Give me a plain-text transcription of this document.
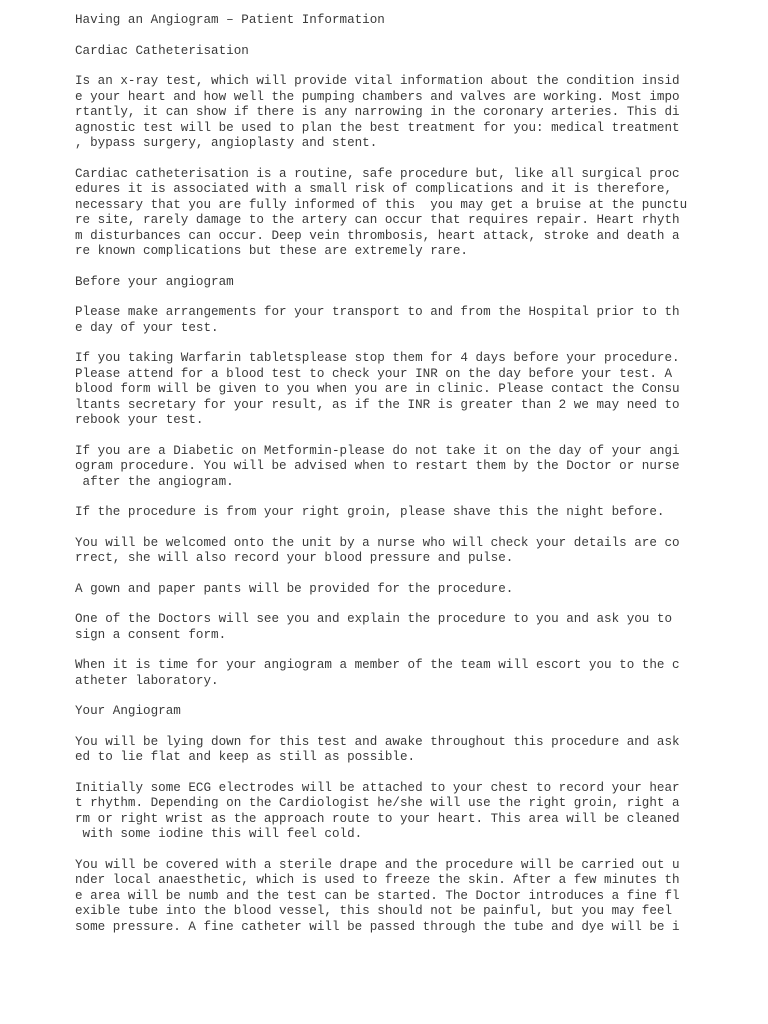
Having an Angiogram – Patient Information
Cardiac Catheterisation
Is an x-ray test, which will provide vital information about the condition insid
e your heart and how well the pumping chambers and valves are working. Most impo
rtantly, it can show if there is any narrowing in the coronary arteries. This di
agnostic test will be used to plan the best treatment for you: medical treatment
, bypass surgery, angioplasty and stent.
Cardiac catheterisation is a routine, safe procedure but, like all surgical proc
edures it is associated with a small risk of complications and it is therefore,
necessary that you are fully informed of this  you may get a bruise at the punctu
re site, rarely damage to the artery can occur that requires repair. Heart rhyth
m disturbances can occur. Deep vein thrombosis, heart attack, stroke and death a
re known complications but these are extremely rare.
Before your angiogram
Please make arrangements for your transport to and from the Hospital prior to th
e day of your test.
If you taking Warfarin tabletsplease stop them for 4 days before your procedure.
Please attend for a blood test to check your INR on the day before your test. A
blood form will be given to you when you are in clinic. Please contact the Consu
ltants secretary for your result, as if the INR is greater than 2 we may need to
rebook your test.
If you are a Diabetic on Metformin-please do not take it on the day of your angi
ogram procedure. You will be advised when to restart them by the Doctor or nurse
after the angiogram.
If the procedure is from your right groin, please shave this the night before.
You will be welcomed onto the unit by a nurse who will check your details are co
rrect, she will also record your blood pressure and pulse.
A gown and paper pants will be provided for the procedure.
One of the Doctors will see you and explain the procedure to you and ask you to
sign a consent form.
When it is time for your angiogram a member of the team will escort you to the c
atheter laboratory.
Your Angiogram
You will be lying down for this test and awake throughout this procedure and ask
ed to lie flat and keep as still as possible.
Initially some ECG electrodes will be attached to your chest to record your hear
t rhythm. Depending on the Cardiologist he/she will use the right groin, right a
rm or right wrist as the approach route to your heart. This area will be cleaned
with some iodine this will feel cold.
You will be covered with a sterile drape and the procedure will be carried out u
nder local anaesthetic, which is used to freeze the skin. After a few minutes th
e area will be numb and the test can be started. The Doctor introduces a fine fl
exible tube into the blood vessel, this should not be painful, but you may feel
some pressure. A fine catheter will be passed through the tube and dye will be i
